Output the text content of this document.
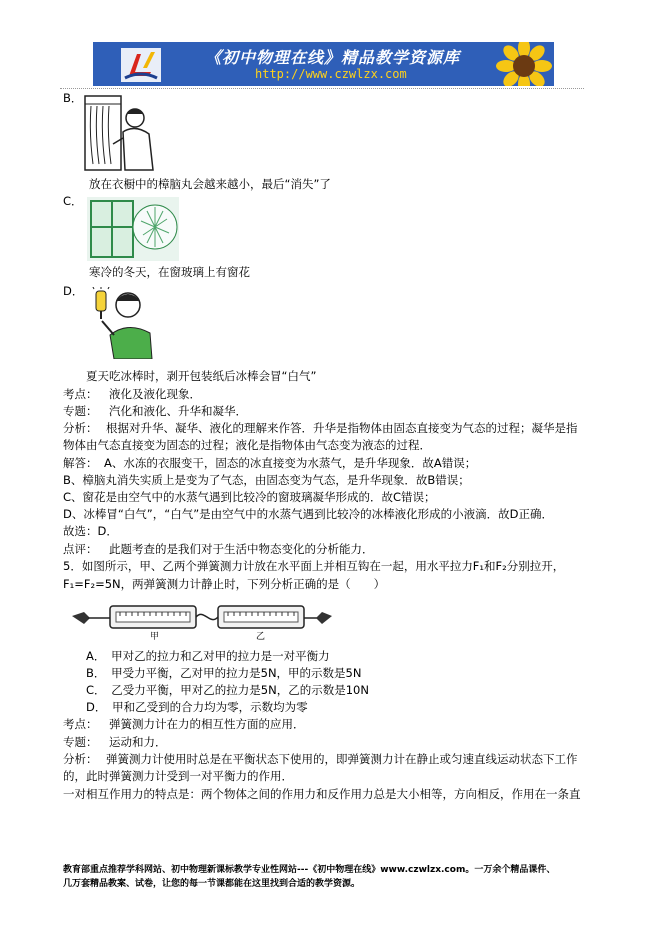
《初中物理在线》精品教学资源库
http://www.czwlzx.com
B．
放在衣橱中的樟脑丸会越来越小，最后“消失”了
C．
寒冷的冬天，在窗玻璃上有窗花
D．
夏天吃冰棒时，剥开包装纸后冰棒会冒“白气”
考点： 液化及液化现象．
专题： 汽化和液化、升华和凝华．
分析： 根据对升华、凝华、液化的理解来作答．升华是指物体由固态直接变为气态的过程；凝华是指
物体由气态直接变为固态的过程；液化是指物体由气态变为液态的过程．
解答： A、水冻的衣服变干，固态的冰直接变为水蒸气，是升华现象．故A错误；
B、樟脑丸消失实质上是变为了气态，由固态变为气态，是升华现象．故B错误；
C、窗花是由空气中的水蒸气遇到比较冷的窗玻璃凝华形成的．故C错误；
D、冰棒冒“白气”，“白气”是由空气中的水蒸气遇到比较冷的冰棒液化形成的小液滴．故D正确．
故选：D．
点评： 此题考查的是我们对于生活中物态变化的分析能力．
5．如图所示，甲、乙两个弹簧测力计放在水平面上并相互钩在一起，用水平拉力F₁和F₂分别拉开，
F₁=F₂=5N，两弹簧测力计静止时，下列分析正确的是（　　）
甲	乙
A．　甲对乙的拉力和乙对甲的拉力是一对平衡力
B．　甲受力平衡，乙对甲的拉力是5N，甲的示数是5N
C．　乙受力平衡，甲对乙的拉力是5N，乙的示数是10N
D．　甲和乙受到的合力均为零，示数均为零
考点： 弹簧测力计在力的相互性方面的应用．
专题： 运动和力．
分析： 弹簧测力计使用时总是在平衡状态下使用的，即弹簧测力计在静止或匀速直线运动状态下工作
的，此时弹簧测力计受到一对平衡力的作用．
一对相互作用力的特点是：两个物体之间的作用力和反作用力总是大小相等，方向相反，作用在一条直
教育部重点推荐学科网站、初中物理新课标教学专业性网站---《初中物理在线》www.czwlzx.com。一万余个精品课件、
几万套精品教案、试卷，让您的每一节课都能在这里找到合适的教学资源。
